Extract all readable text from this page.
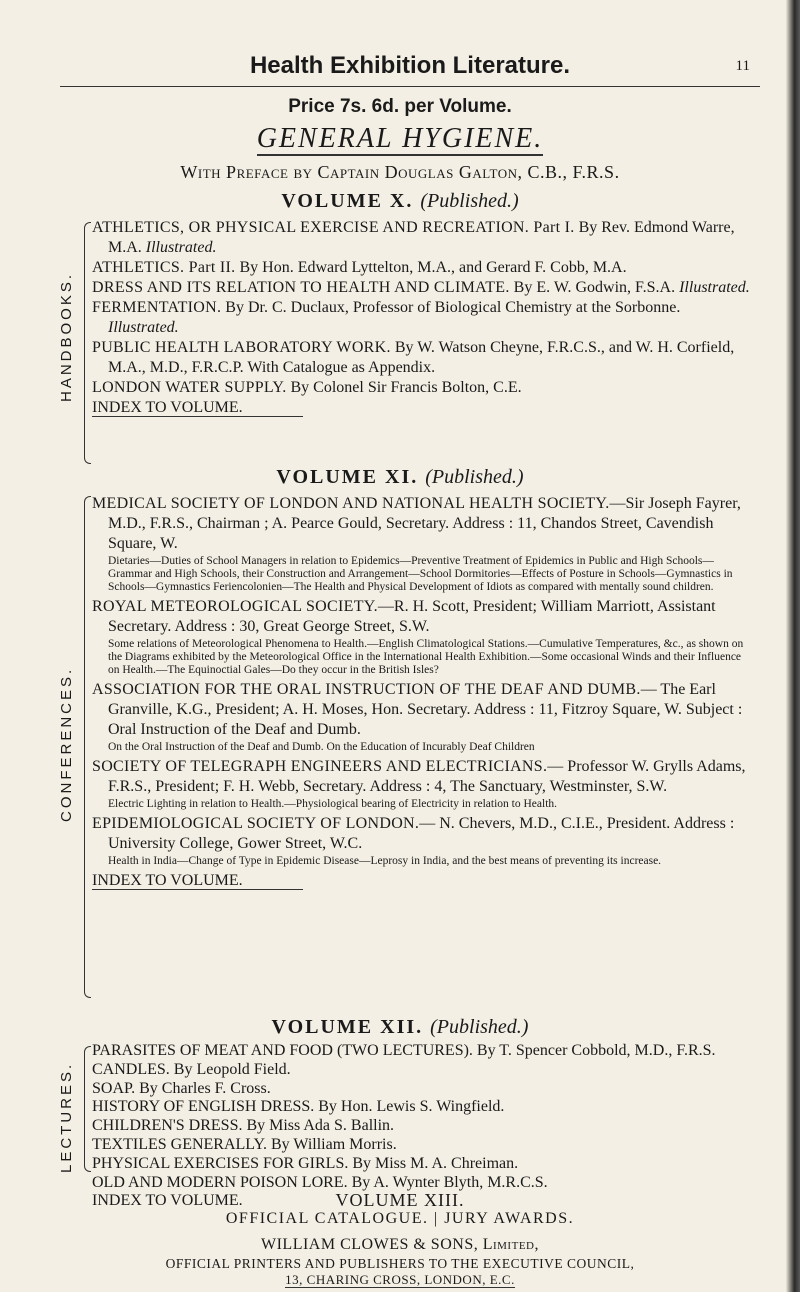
Health Exhibition Literature.	11
Price 7s. 6d. per Volume.
GENERAL HYGIENE.
With Preface by Captain Douglas Galton, C.B., F.R.S.
VOLUME X. (Published.)
HANDBOOKS.
ATHLETICS, OR PHYSICAL EXERCISE AND RECREATION. Part I. By Rev. Edmond Warre, M.A. Illustrated.
ATHLETICS. Part II. By Hon. Edward Lyttelton, M.A., and Gerard F. Cobb, M.A.
DRESS AND ITS RELATION TO HEALTH AND CLIMATE. By E. W. Godwin, F.S.A. Illustrated.
FERMENTATION. By Dr. C. Duclaux, Professor of Biological Chemistry at the Sorbonne. Illustrated.
PUBLIC HEALTH LABORATORY WORK. By W. Watson Cheyne, F.R.C.S., and W. H. Corfield, M.A., M.D., F.R.C.P. With Catalogue as Appendix.
LONDON WATER SUPPLY. By Colonel Sir Francis Bolton, C.E.
INDEX TO VOLUME.
VOLUME XI. (Published.)
CONFERENCES.
MEDICAL SOCIETY OF LONDON AND NATIONAL HEALTH SOCIETY.—Sir Joseph Fayrer, M.D., F.R.S., Chairman ; A. Pearce Gould, Secretary. Address : 11, Chandos Street, Cavendish Square, W.
Dietaries—Duties of School Managers in relation to Epidemics—Preventive Treatment of Epidemics in Public and High Schools—Grammar and High Schools, their Construction and Arrangement—School Dormitories—Effects of Posture in Schools—Gymnastics in Schools—Gymnastics Feriencolonien—The Health and Physical Development of Idiots as compared with mentally sound children.
ROYAL METEOROLOGICAL SOCIETY.—R. H. Scott, President; William Marriott, Assistant Secretary. Address : 30, Great George Street, S.W.
Some relations of Meteorological Phenomena to Health.—English Climatological Stations.—Cumulative Temperatures, &c., as shown on the Diagrams exhibited by the Meteorological Office in the International Health Exhibition.—Some occasional Winds and their Influence on Health.—The Equinoctial Gales—Do they occur in the British Isles?
ASSOCIATION FOR THE ORAL INSTRUCTION OF THE DEAF AND DUMB.— The Earl Granville, K.G., President; A. H. Moses, Hon. Secretary. Address : 11, Fitzroy Square, W. Subject : Oral Instruction of the Deaf and Dumb.
On the Oral Instruction of the Deaf and Dumb. On the Education of Incurably Deaf Children
SOCIETY OF TELEGRAPH ENGINEERS AND ELECTRICIANS.— Professor W. Grylls Adams, F.R.S., President; F. H. Webb, Secretary. Address : 4, The Sanctuary, Westminster, S.W.
Electric Lighting in relation to Health.—Physiological bearing of Electricity in relation to Health.
EPIDEMIOLOGICAL SOCIETY OF LONDON.— N. Chevers, M.D., C.I.E., President. Address : University College, Gower Street, W.C.
Health in India—Change of Type in Epidemic Disease—Leprosy in India, and the best means of preventing its increase.
INDEX TO VOLUME.
VOLUME XII. (Published.)
LECTURES.
PARASITES OF MEAT AND FOOD (TWO LECTURES). By T. Spencer Cobbold, M.D., F.R.S.
CANDLES. By Leopold Field.
SOAP. By Charles F. Cross.
HISTORY OF ENGLISH DRESS. By Hon. Lewis S. Wingfield.
CHILDREN'S DRESS. By Miss Ada S. Ballin.
TEXTILES GENERALLY. By William Morris.
PHYSICAL EXERCISES FOR GIRLS. By Miss M. A. Chreiman.
OLD AND MODERN POISON LORE. By A. Wynter Blyth, M.R.C.S.
INDEX TO VOLUME.	VOLUME XIII.
OFFICIAL CATALOGUE. | JURY AWARDS.
WILLIAM CLOWES & SONS, Limited,
OFFICIAL PRINTERS AND PUBLISHERS TO THE EXECUTIVE COUNCIL,
13, CHARING CROSS, LONDON, E.C.
